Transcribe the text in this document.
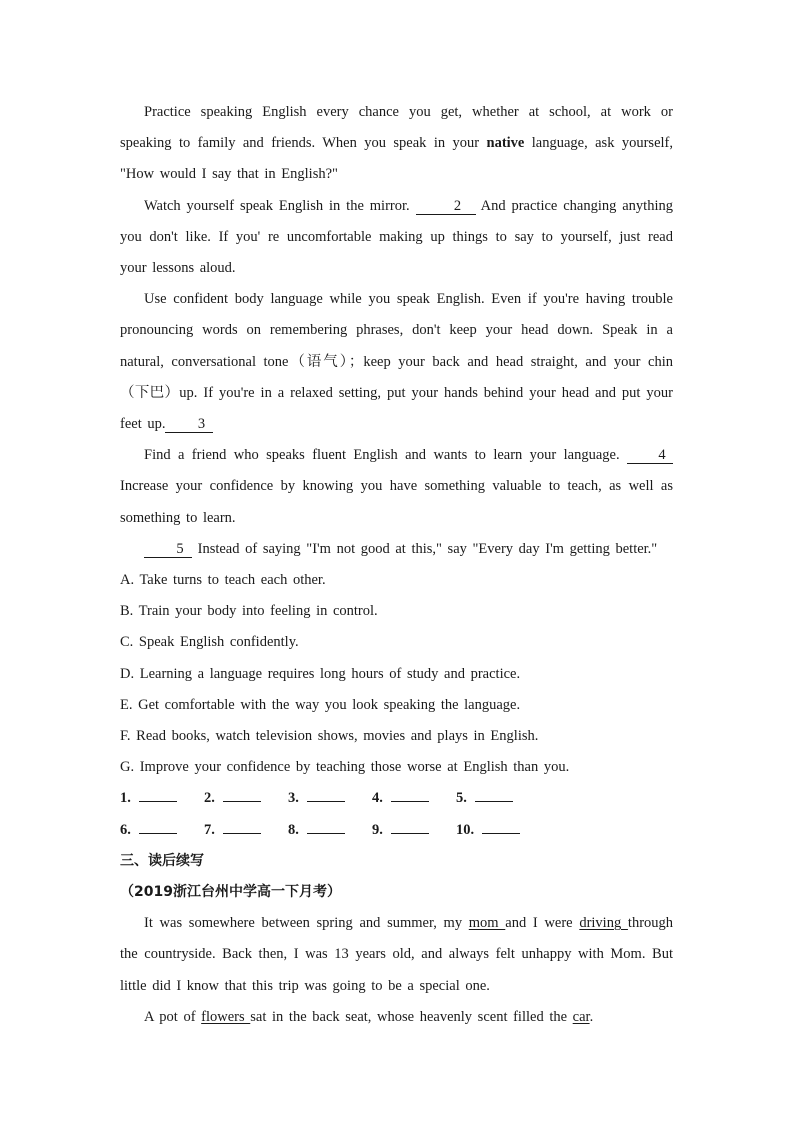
Practice speaking English every chance you get, whether at school, at work or speaking to family and friends. When you speak in your native language, ask yourself, "How would I say that in English?"

Watch yourself speak English in the mirror.	2 And practice changing anything you don't like. If you' re uncomfortable making up things to say to yourself, just read your lessons aloud.

Use confident body language while you speak English. Even if you're having trouble pronouncing words on remembering phrases, don't keep your head down. Speak in a natural, conversational tone（语气）；keep your back and head straight, and your chin （下巴）up. If you're in a relaxed setting, put your hands behind your head and put your feet up. 3

Find a friend who speaks fluent English and wants to learn your language. 4 Increase your confidence by knowing you have something valuable to teach, as well as something to learn.

5 Instead of saying "I'm not good at this," say "Every day I'm getting better."

A. Take turns to teach each other.

B. Train your body into feeling in control.

C. Speak English confidently.

D. Learning a language requires long hours of study and practice.

E. Get comfortable with the way you look speaking the language.

F. Read books, watch television shows, movies and plays in English.

G. Improve your confidence by teaching those worse at English than you.

1.	2.	3.	4.	5.
6.	7.	8.	9.	10.

三、读后续写

（2019浙江台州中学高一下月考）

It was somewhere between spring and summer, my mom and I were driving through the countryside. Back then, I was 13 years old, and always felt unhappy with Mom. But little did I know that this trip was going to be a special one.

A pot of flowers sat in the back seat, whose heavenly scent filled the car.
